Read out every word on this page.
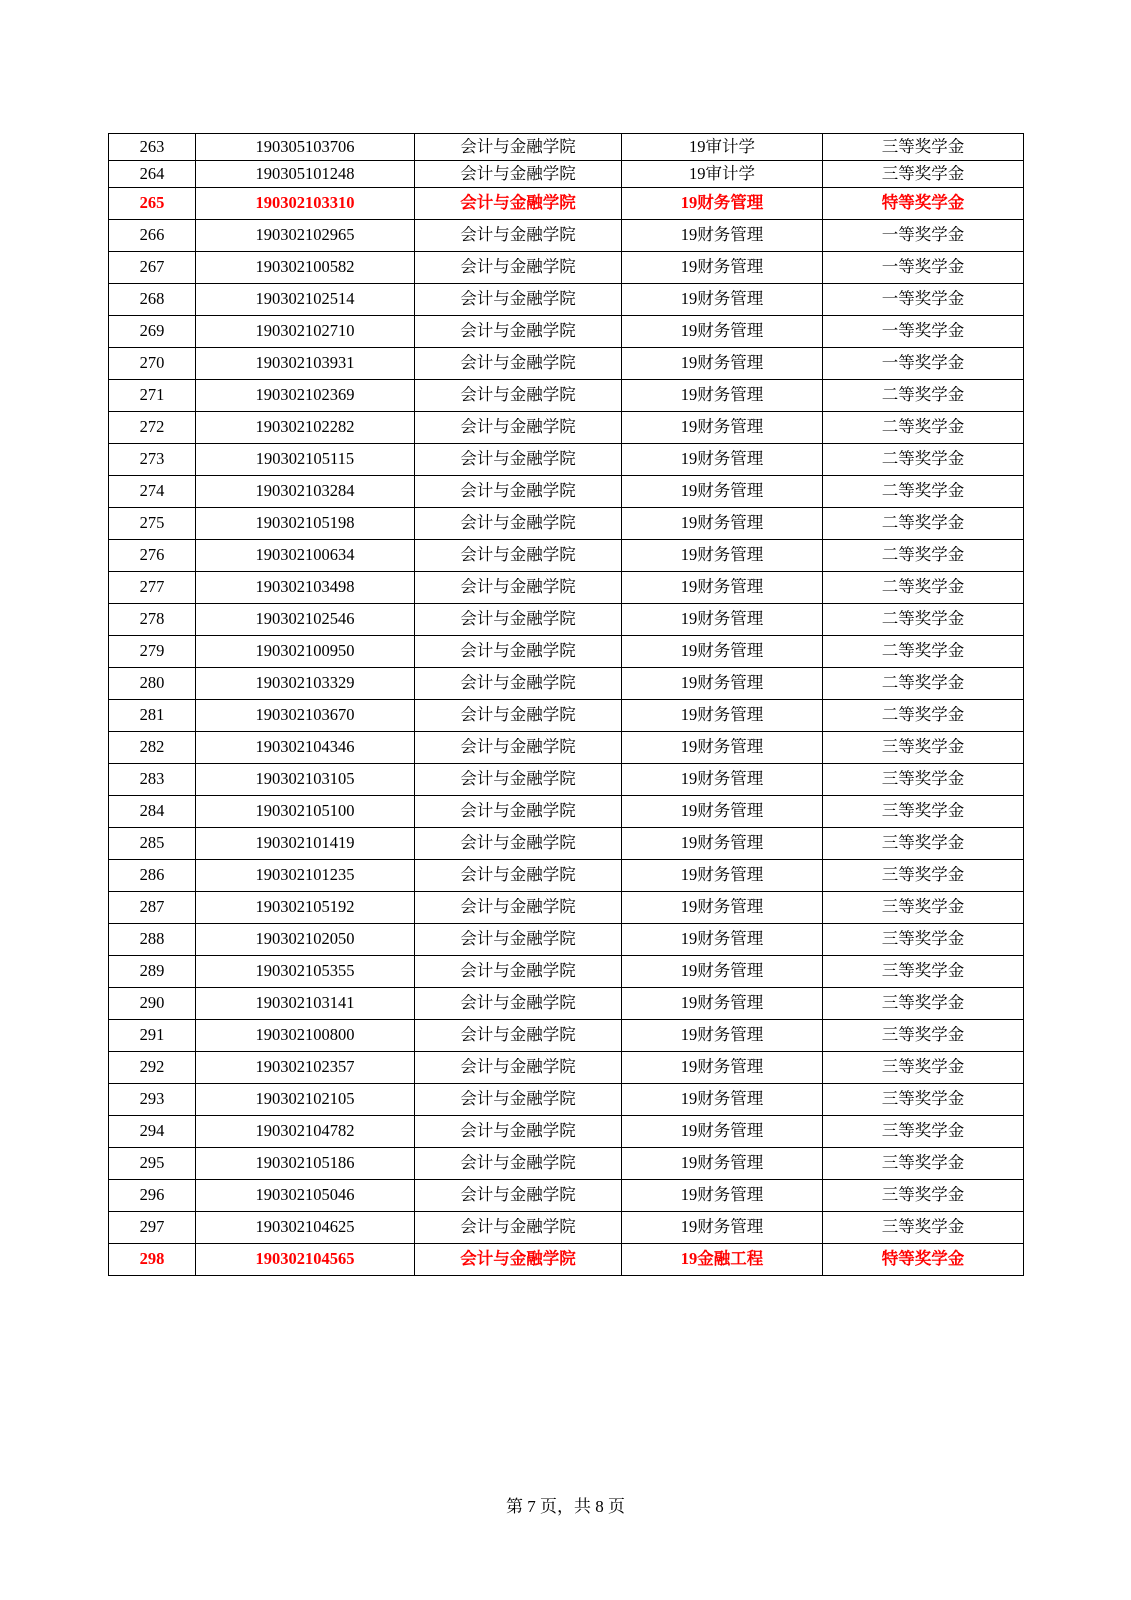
263	190305103706	会计与金融学院	19审计学	三等奖学金
264	190305101248	会计与金融学院	19审计学	三等奖学金
265	190302103310	会计与金融学院	19财务管理	特等奖学金
266	190302102965	会计与金融学院	19财务管理	一等奖学金
267	190302100582	会计与金融学院	19财务管理	一等奖学金
268	190302102514	会计与金融学院	19财务管理	一等奖学金
269	190302102710	会计与金融学院	19财务管理	一等奖学金
270	190302103931	会计与金融学院	19财务管理	一等奖学金
271	190302102369	会计与金融学院	19财务管理	二等奖学金
272	190302102282	会计与金融学院	19财务管理	二等奖学金
273	190302105115	会计与金融学院	19财务管理	二等奖学金
274	190302103284	会计与金融学院	19财务管理	二等奖学金
275	190302105198	会计与金融学院	19财务管理	二等奖学金
276	190302100634	会计与金融学院	19财务管理	二等奖学金
277	190302103498	会计与金融学院	19财务管理	二等奖学金
278	190302102546	会计与金融学院	19财务管理	二等奖学金
279	190302100950	会计与金融学院	19财务管理	二等奖学金
280	190302103329	会计与金融学院	19财务管理	二等奖学金
281	190302103670	会计与金融学院	19财务管理	二等奖学金
282	190302104346	会计与金融学院	19财务管理	三等奖学金
283	190302103105	会计与金融学院	19财务管理	三等奖学金
284	190302105100	会计与金融学院	19财务管理	三等奖学金
285	190302101419	会计与金融学院	19财务管理	三等奖学金
286	190302101235	会计与金融学院	19财务管理	三等奖学金
287	190302105192	会计与金融学院	19财务管理	三等奖学金
288	190302102050	会计与金融学院	19财务管理	三等奖学金
289	190302105355	会计与金融学院	19财务管理	三等奖学金
290	190302103141	会计与金融学院	19财务管理	三等奖学金
291	190302100800	会计与金融学院	19财务管理	三等奖学金
292	190302102357	会计与金融学院	19财务管理	三等奖学金
293	190302102105	会计与金融学院	19财务管理	三等奖学金
294	190302104782	会计与金融学院	19财务管理	三等奖学金
295	190302105186	会计与金融学院	19财务管理	三等奖学金
296	190302105046	会计与金融学院	19财务管理	三等奖学金
297	190302104625	会计与金融学院	19财务管理	三等奖学金
298	190302104565	会计与金融学院	19金融工程	特等奖学金
第 7 页，共 8 页
